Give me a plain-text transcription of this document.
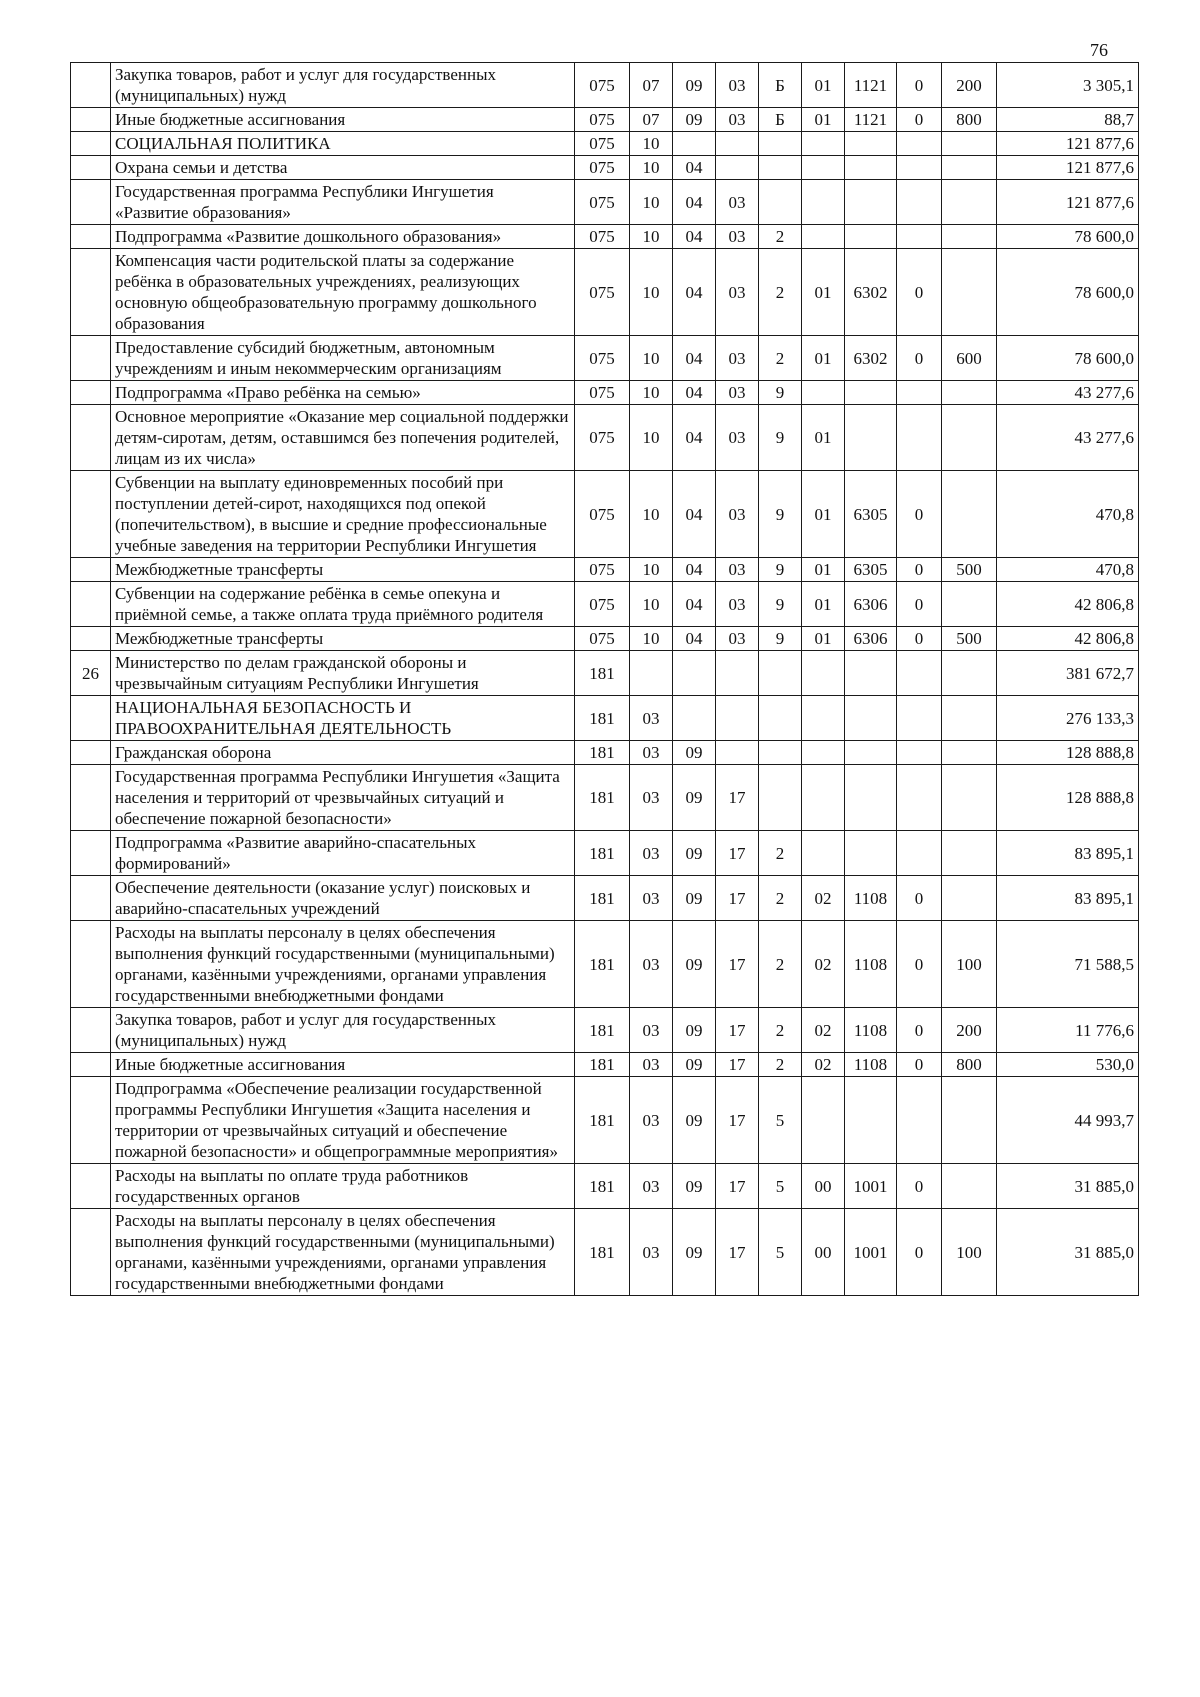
76
	Закупка товаров, работ и услуг для государственных (муниципальных) нужд	075	07	09	03	Б	01	1121	0	200	3 305,1
	Иные бюджетные ассигнования	075	07	09	03	Б	01	1121	0	800	88,7
	СОЦИАЛЬНАЯ ПОЛИТИКА	075	10								121 877,6
	Охрана семьи и детства	075	10	04							121 877,6
	Государственная программа Республики Ингушетия «Развитие образования»	075	10	04	03						121 877,6
	Подпрограмма «Развитие дошкольного образования»	075	10	04	03	2					78 600,0
	Компенсация части родительской платы за содержание ребёнка в образовательных учреждениях, реализующих основную общеобразовательную программу дошкольного образования	075	10	04	03	2	01	6302	0		78 600,0
	Предоставление субсидий бюджетным, автономным учреждениям и иным некоммерческим организациям	075	10	04	03	2	01	6302	0	600	78 600,0
	Подпрограмма «Право ребёнка на семью»	075	10	04	03	9					43 277,6
	Основное мероприятие «Оказание мер социальной поддержки детям-сиротам, детям, оставшимся без попечения родителей, лицам из их числа»	075	10	04	03	9	01				43 277,6
	Субвенции на выплату единовременных пособий при поступлении детей-сирот, находящихся под опекой (попечительством), в высшие и средние профессиональные учебные заведения на территории Республики Ингушетия	075	10	04	03	9	01	6305	0		470,8
	Межбюджетные трансферты	075	10	04	03	9	01	6305	0	500	470,8
	Субвенции на содержание ребёнка в семье опекуна и приёмной семье, а также оплата труда приёмного родителя	075	10	04	03	9	01	6306	0		42 806,8
	Межбюджетные трансферты	075	10	04	03	9	01	6306	0	500	42 806,8
26	Министерство по делам гражданской обороны и чрезвычайным ситуациям Республики Ингушетия	181									381 672,7
	НАЦИОНАЛЬНАЯ БЕЗОПАСНОСТЬ И ПРАВООХРАНИТЕЛЬНАЯ ДЕЯТЕЛЬНОСТЬ	181	03								276 133,3
	Гражданская оборона	181	03	09							128 888,8
	Государственная программа Республики Ингушетия «Защита населения и территорий от чрезвычайных ситуаций и обеспечение пожарной безопасности»	181	03	09	17						128 888,8
	Подпрограмма «Развитие аварийно-спасательных формирований»	181	03	09	17	2					83 895,1
	Обеспечение деятельности (оказание услуг) поисковых и аварийно-спасательных учреждений	181	03	09	17	2	02	1108	0		83 895,1
	Расходы на выплаты персоналу в целях обеспечения выполнения функций государственными (муниципальными) органами, казёнными учреждениями, органами управления государственными внебюджетными фондами	181	03	09	17	2	02	1108	0	100	71 588,5
	Закупка товаров, работ и услуг для государственных (муниципальных) нужд	181	03	09	17	2	02	1108	0	200	11 776,6
	Иные бюджетные ассигнования	181	03	09	17	2	02	1108	0	800	530,0
	Подпрограмма «Обеспечение реализации государственной программы Республики Ингушетия «Защита населения и территории от чрезвычайных ситуаций и обеспечение пожарной безопасности» и общепрограммные мероприятия»	181	03	09	17	5					44 993,7
	Расходы на выплаты по оплате труда работников государственных органов	181	03	09	17	5	00	1001	0		31 885,0
	Расходы на выплаты персоналу в целях обеспечения выполнения функций государственными (муниципальными) органами, казёнными учреждениями, органами управления государственными внебюджетными фондами	181	03	09	17	5	00	1001	0	100	31 885,0
